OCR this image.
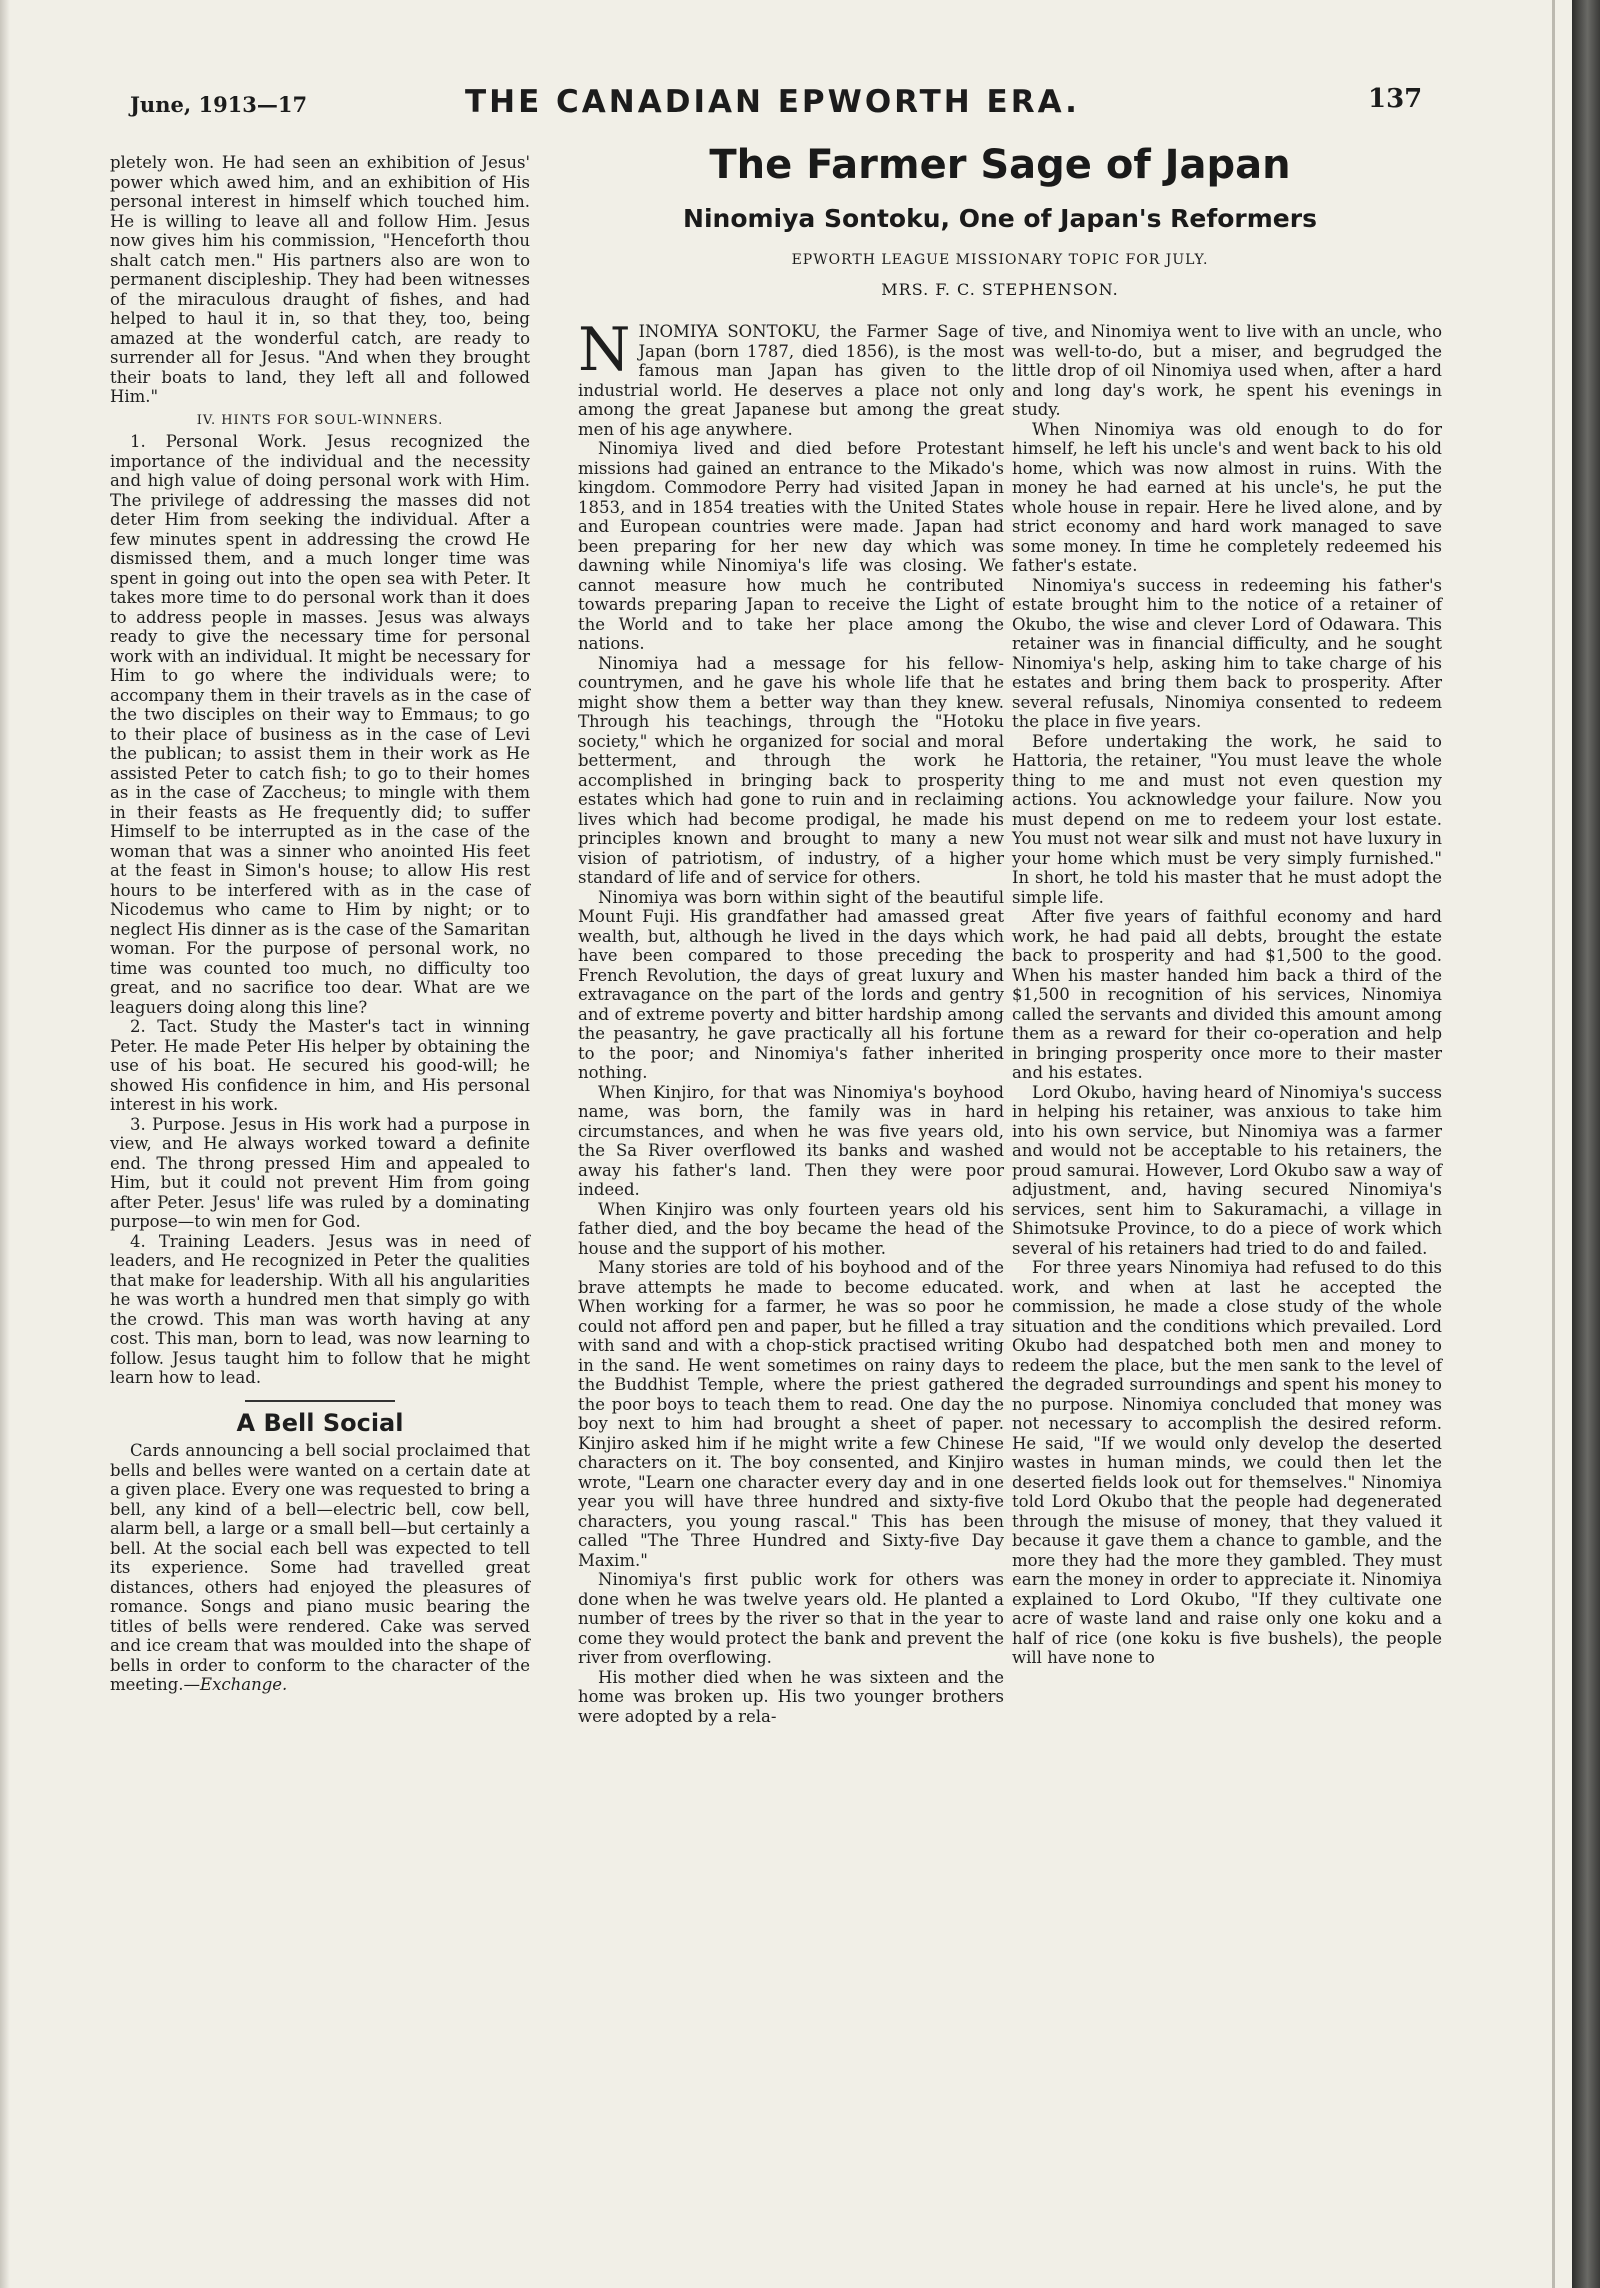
June, 1913—17	THE CANADIAN EPWORTH ERA.	137

pletely won. He had seen an exhibition of Jesus' power which awed him, and an exhibition of His personal interest in himself which touched him. He is willing to leave all and follow Him. Jesus now gives him his commission, "Henceforth thou shalt catch men." His partners also are won to permanent discipleship. They had been witnesses of the miraculous draught of fishes, and had helped to haul it in, so that they, too, being amazed at the wonderful catch, are ready to surrender all for Jesus. "And when they brought their boats to land, they left all and followed Him."

IV. HINTS FOR SOUL-WINNERS.

1. Personal Work. Jesus recognized the importance of the individual and the necessity and high value of doing personal work with Him. The privilege of addressing the masses did not deter Him from seeking the individual. After a few minutes spent in addressing the crowd He dismissed them, and a much longer time was spent in going out into the open sea with Peter. It takes more time to do personal work than it does to address people in masses. Jesus was always ready to give the necessary time for personal work with an individual. It might be necessary for Him to go where the individuals were; to accompany them in their travels as in the case of the two disciples on their way to Emmaus; to go to their place of business as in the case of Levi the publican; to assist them in their work as He assisted Peter to catch fish; to go to their homes as in the case of Zaccheus; to mingle with them in their feasts as He frequently did; to suffer Himself to be interrupted as in the case of the woman that was a sinner who anointed His feet at the feast in Simon's house; to allow His rest hours to be interfered with as in the case of Nicodemus who came to Him by night; or to neglect His dinner as is the case of the Samaritan woman. For the purpose of personal work, no time was counted too much, no difficulty too great, and no sacrifice too dear. What are we leaguers doing along this line?

2. Tact. Study the Master's tact in winning Peter. He made Peter His helper by obtaining the use of his boat. He secured his good-will; he showed His confidence in him, and His personal interest in his work.

3. Purpose. Jesus in His work had a purpose in view, and He always worked toward a definite end. The throng pressed Him and appealed to Him, but it could not prevent Him from going after Peter. Jesus' life was ruled by a dominating purpose—to win men for God.

4. Training Leaders. Jesus was in need of leaders, and He recognized in Peter the qualities that make for leadership. With all his angularities he was worth a hundred men that simply go with the crowd. This man was worth having at any cost. This man, born to lead, was now learning to follow. Jesus taught him to follow that he might learn how to lead.

A Bell Social

Cards announcing a bell social proclaimed that bells and belles were wanted on a certain date at a given place. Every one was requested to bring a bell, any kind of a bell—electric bell, cow bell, alarm bell, a large or a small bell—but certainly a bell. At the social each bell was expected to tell its experience. Some had travelled great distances, others had enjoyed the pleasures of romance. Songs and piano music bearing the titles of bells were rendered. Cake was served and ice cream that was moulded into the shape of bells in order to conform to the character of the meeting.—Exchange.

The Farmer Sage of Japan
Ninomiya Sontoku, One of Japan's Reformers
EPWORTH LEAGUE MISSIONARY TOPIC FOR JULY.
MRS. F. C. STEPHENSON.

NINOMIYA SONTOKU, the Farmer Sage of Japan (born 1787, died 1856), is the most famous man Japan has given to the industrial world. He deserves a place not only among the great Japanese but among the great men of his age anywhere.

Ninomiya lived and died before Protestant missions had gained an entrance to the Mikado's kingdom. Commodore Perry had visited Japan in 1853, and in 1854 treaties with the United States and European countries were made. Japan had been preparing for her new day which was dawning while Ninomiya's life was closing. We cannot measure how much he contributed towards preparing Japan to receive the Light of the World and to take her place among the nations.

Ninomiya had a message for his fellow-countrymen, and he gave his whole life that he might show them a better way than they knew. Through his teachings, through the "Hotoku society," which he organized for social and moral betterment, and through the work he accomplished in bringing back to prosperity estates which had gone to ruin and in reclaiming lives which had become prodigal, he made his principles known and brought to many a new vision of patriotism, of industry, of a higher standard of life and of service for others.

Ninomiya was born within sight of the beautiful Mount Fuji. His grandfather had amassed great wealth, but, although he lived in the days which have been compared to those preceding the French Revolution, the days of great luxury and extravagance on the part of the lords and gentry and of extreme poverty and bitter hardship among the peasantry, he gave practically all his fortune to the poor; and Ninomiya's father inherited nothing.

When Kinjiro, for that was Ninomiya's boyhood name, was born, the family was in hard circumstances, and when he was five years old, the Sa River overflowed its banks and washed away his father's land. Then they were poor indeed.

When Kinjiro was only fourteen years old his father died, and the boy became the head of the house and the support of his mother.

Many stories are told of his boyhood and of the brave attempts he made to become educated. When working for a farmer, he was so poor he could not afford pen and paper, but he filled a tray with sand and with a chop-stick practised writing in the sand. He went sometimes on rainy days to the Buddhist Temple, where the priest gathered the poor boys to teach them to read. One day the boy next to him had brought a sheet of paper. Kinjiro asked him if he might write a few Chinese characters on it. The boy consented, and Kinjiro wrote, "Learn one character every day and in one year you will have three hundred and sixty-five characters, you young rascal." This has been called "The Three Hundred and Sixty-five Day Maxim."

Ninomiya's first public work for others was done when he was twelve years old. He planted a number of trees by the river so that in the year to come they would protect the bank and prevent the river from overflowing.

His mother died when he was sixteen and the home was broken up. His two younger brothers were adopted by a rela-

tive, and Ninomiya went to live with an uncle, who was well-to-do, but a miser, and begrudged the little drop of oil Ninomiya used when, after a hard and long day's work, he spent his evenings in study.

When Ninomiya was old enough to do for himself, he left his uncle's and went back to his old home, which was now almost in ruins. With the money he had earned at his uncle's, he put the whole house in repair. Here he lived alone, and by strict economy and hard work managed to save some money. In time he completely redeemed his father's estate.

Ninomiya's success in redeeming his father's estate brought him to the notice of a retainer of Okubo, the wise and clever Lord of Odawara. This retainer was in financial difficulty, and he sought Ninomiya's help, asking him to take charge of his estates and bring them back to prosperity. After several refusals, Ninomiya consented to redeem the place in five years.

Before undertaking the work, he said to Hattoria, the retainer, "You must leave the whole thing to me and must not even question my actions. You acknowledge your failure. Now you must depend on me to redeem your lost estate. You must not wear silk and must not have luxury in your home which must be very simply furnished." In short, he told his master that he must adopt the simple life.

After five years of faithful economy and hard work, he had paid all debts, brought the estate back to prosperity and had $1,500 to the good. When his master handed him back a third of the $1,500 in recognition of his services, Ninomiya called the servants and divided this amount among them as a reward for their co-operation and help in bringing prosperity once more to their master and his estates.

Lord Okubo, having heard of Ninomiya's success in helping his retainer, was anxious to take him into his own service, but Ninomiya was a farmer and would not be acceptable to his retainers, the proud samurai. However, Lord Okubo saw a way of adjustment, and, having secured Ninomiya's services, sent him to Sakuramachi, a village in Shimotsuke Province, to do a piece of work which several of his retainers had tried to do and failed.

For three years Ninomiya had refused to do this work, and when at last he accepted the commission, he made a close study of the whole situation and the conditions which prevailed. Lord Okubo had despatched both men and money to redeem the place, but the men sank to the level of the degraded surroundings and spent his money to no purpose. Ninomiya concluded that money was not necessary to accomplish the desired reform. He said, "If we would only develop the deserted wastes in human minds, we could then let the deserted fields look out for themselves." Ninomiya told Lord Okubo that the people had degenerated through the misuse of money, that they valued it because it gave them a chance to gamble, and the more they had the more they gambled. They must earn the money in order to appreciate it. Ninomiya explained to Lord Okubo, "If they cultivate one acre of waste land and raise only one koku and a half of rice (one koku is five bushels), the people will have none to
